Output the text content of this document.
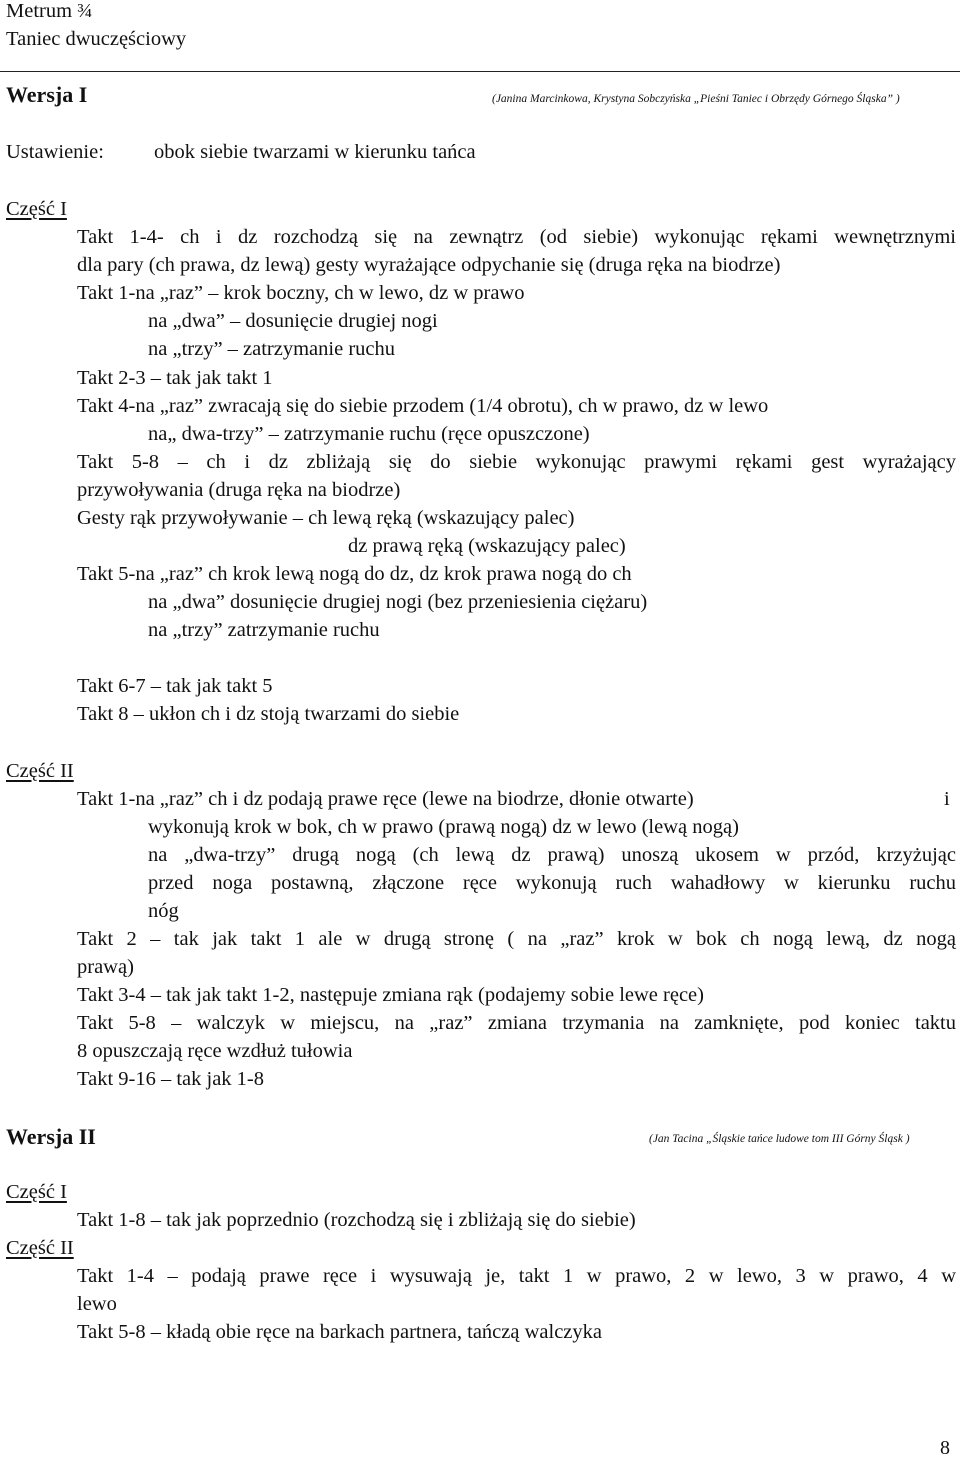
Metrum ¾
Taniec dwuczęściowy
Wersja I	(Janina Marcinkowa, Krystyna Sobczyńska „Pieśni Taniec i Obrzędy Górnego Śląska” )
Ustawienie: obok siebie twarzami w kierunku tańca
Część I
Takt 1-4- ch i dz rozchodzą się na zewnątrz (od siebie) wykonując rękami wewnętrznymi
dla pary (ch prawa, dz lewą) gesty wyrażające odpychanie się (druga ręka na biodrze)
Takt 1-na „raz” – krok boczny, ch w lewo, dz w prawo
na „dwa” – dosunięcie drugiej nogi
na „trzy” – zatrzymanie ruchu
Takt 2-3 – tak jak takt 1
Takt 4-na „raz” zwracają się do siebie przodem (1/4 obrotu), ch w prawo, dz w lewo
na„ dwa-trzy” – zatrzymanie ruchu (ręce opuszczone)
Takt 5-8 – ch i dz zbliżają się do siebie wykonując prawymi rękami gest wyrażający
przywoływania (druga ręka na biodrze)
Gesty rąk przywoływanie – ch lewą ręką (wskazujący palec)
dz prawą ręką (wskazujący palec)
Takt 5-na „raz” ch krok lewą nogą do dz, dz krok prawa nogą do ch
na „dwa” dosunięcie drugiej nogi (bez przeniesienia ciężaru)
na „trzy” zatrzymanie ruchu
Takt 6-7 – tak jak takt 5
Takt 8 – ukłon ch i dz stoją twarzami do siebie
Część II
Takt 1-na „raz” ch i dz podają prawe ręce (lewe na biodrze, dłonie otwarte)	i
wykonują krok w bok, ch w prawo (prawą nogą) dz w lewo (lewą nogą)
na „dwa-trzy” drugą nogą (ch lewą dz prawą) unoszą ukosem w przód, krzyżując
przed noga postawną, złączone ręce wykonują ruch wahadłowy w kierunku ruchu
nóg
Takt 2 – tak jak takt 1 ale w drugą stronę ( na „raz” krok w bok ch nogą lewą, dz nogą
prawą)
Takt 3-4 – tak jak takt 1-2, następuje zmiana rąk (podajemy sobie lewe ręce)
Takt 5-8 – walczyk w miejscu, na „raz” zmiana trzymania na zamknięte, pod koniec taktu
8 opuszczają ręce wzdłuż tułowia
Takt 9-16 – tak jak 1-8
Wersja II	(Jan Tacina „Śląskie tańce ludowe tom III Górny Śląsk )
Część I
Takt 1-8 – tak jak poprzednio (rozchodzą się i zbliżają się do siebie)
Część II
Takt 1-4 – podają prawe ręce i wysuwają je, takt 1 w prawo, 2 w lewo, 3 w prawo, 4 w
lewo
Takt 5-8 – kładą obie ręce na barkach partnera, tańczą walczyka
8
